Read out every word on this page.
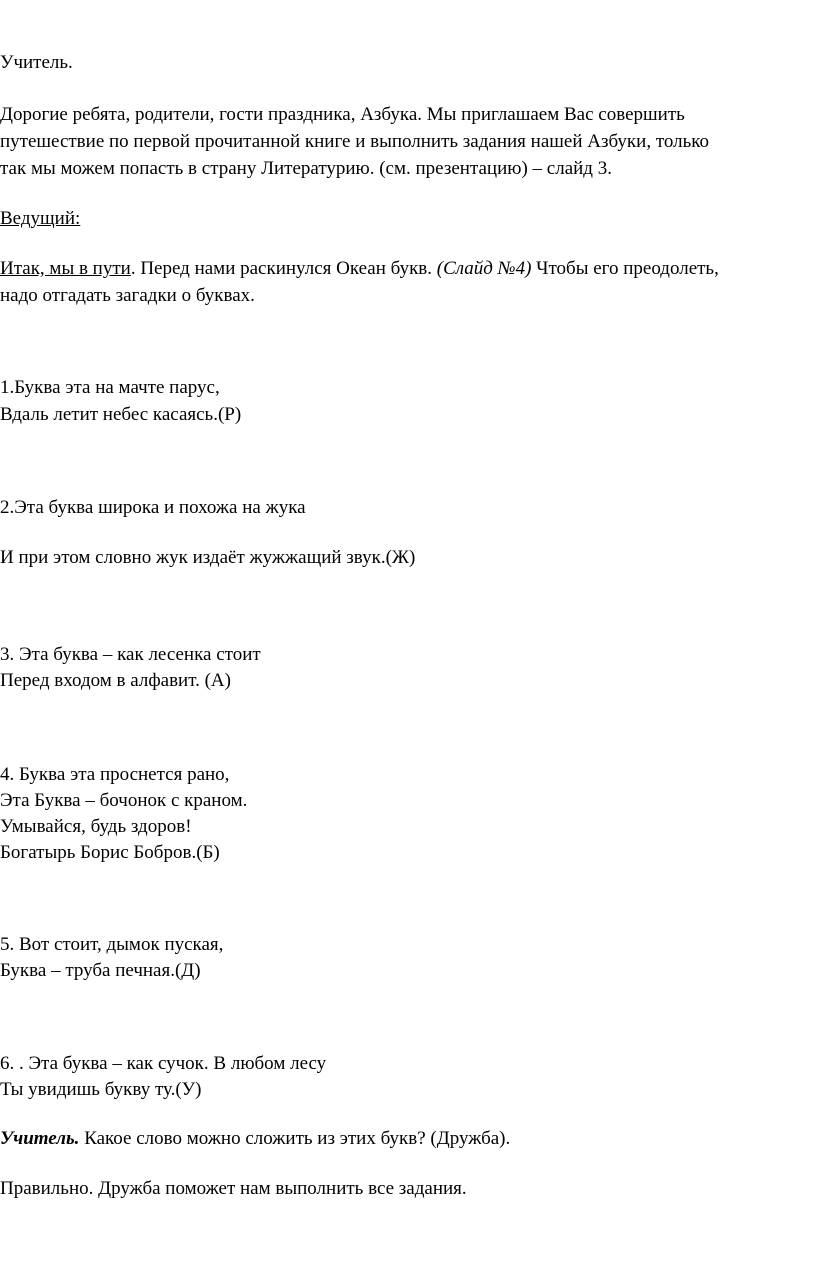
Учитель.
Дорогие ребята, родители, гости праздника, Азбука. Мы приглашаем Вас совершить
путешествие по первой прочитанной книге и выполнить задания нашей Азбуки, только
так мы можем попасть в страну Литературию. (см. презентацию) – слайд 3.
Ведущий:
Итак, мы в пути. Перед нами раскинулся Океан букв. (Слайд №4) Чтобы его преодолеть,
надо отгадать загадки о буквах.
1.Буква эта на мачте парус,
Вдаль летит небес касаясь.(Р)
2.Эта буква широка и похожа на жука
И при этом словно жук издаёт жужжащий звук.(Ж)
3. Эта буква – как лесенка стоит
Перед входом в алфавит. (А)
4. Буква эта проснется рано,
Эта Буква – бочонок с краном.
Умывайся, будь здоров!
Богатырь Борис Бобров.(Б)
5. Вот стоит, дымок пуская,
Буква – труба печная.(Д)
6. . Эта буква – как сучок. В любом лесу
Ты увидишь букву ту.(У)
Учитель. Какое слово можно сложить из этих букв? (Дружба).
Правильно. Дружба поможет нам выполнить все задания.
